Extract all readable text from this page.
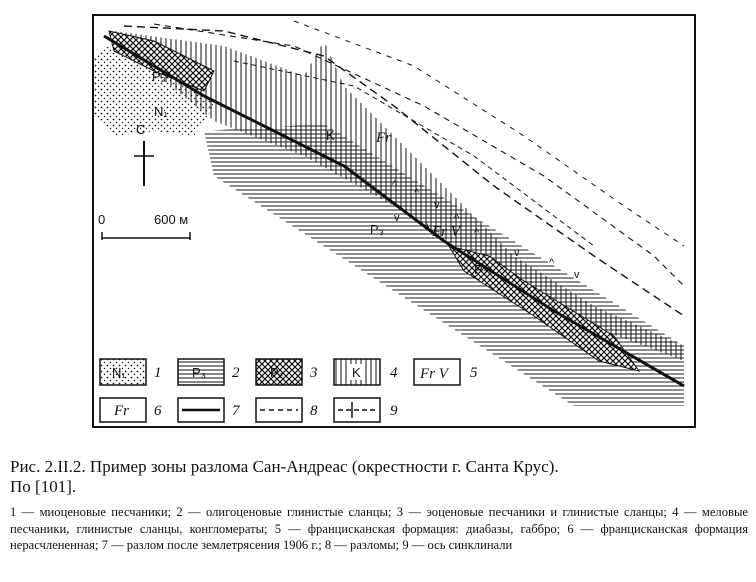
^
^
v
^
v
^	^
v
^
v
P₂
N₁
K	Fr
P₃	Fr V
P₂
С
0	600 м
N₁ 1 P₃ 2 P₂ 3	K 4 Fr V 5
Fr 6	7	8	9
Рис. 2.II.2. Пример зоны разлома Сан-Андреас (окрестности г. Санта Крус).
По [101].
1 — миоценовые песчаники; 2 — олигоценовые глинистые сланцы; 3 — эоценовые песчаники и глинистые сланцы; 4 — меловые песчаники, глинистые сланцы, конгломераты; 5 — францисканская формация: диабазы, габбро; 6 — францисканская формация нерасчлененная; 7 — разлом после землетрясения 1906 г.; 8 — разломы; 9 — ось синклинали
